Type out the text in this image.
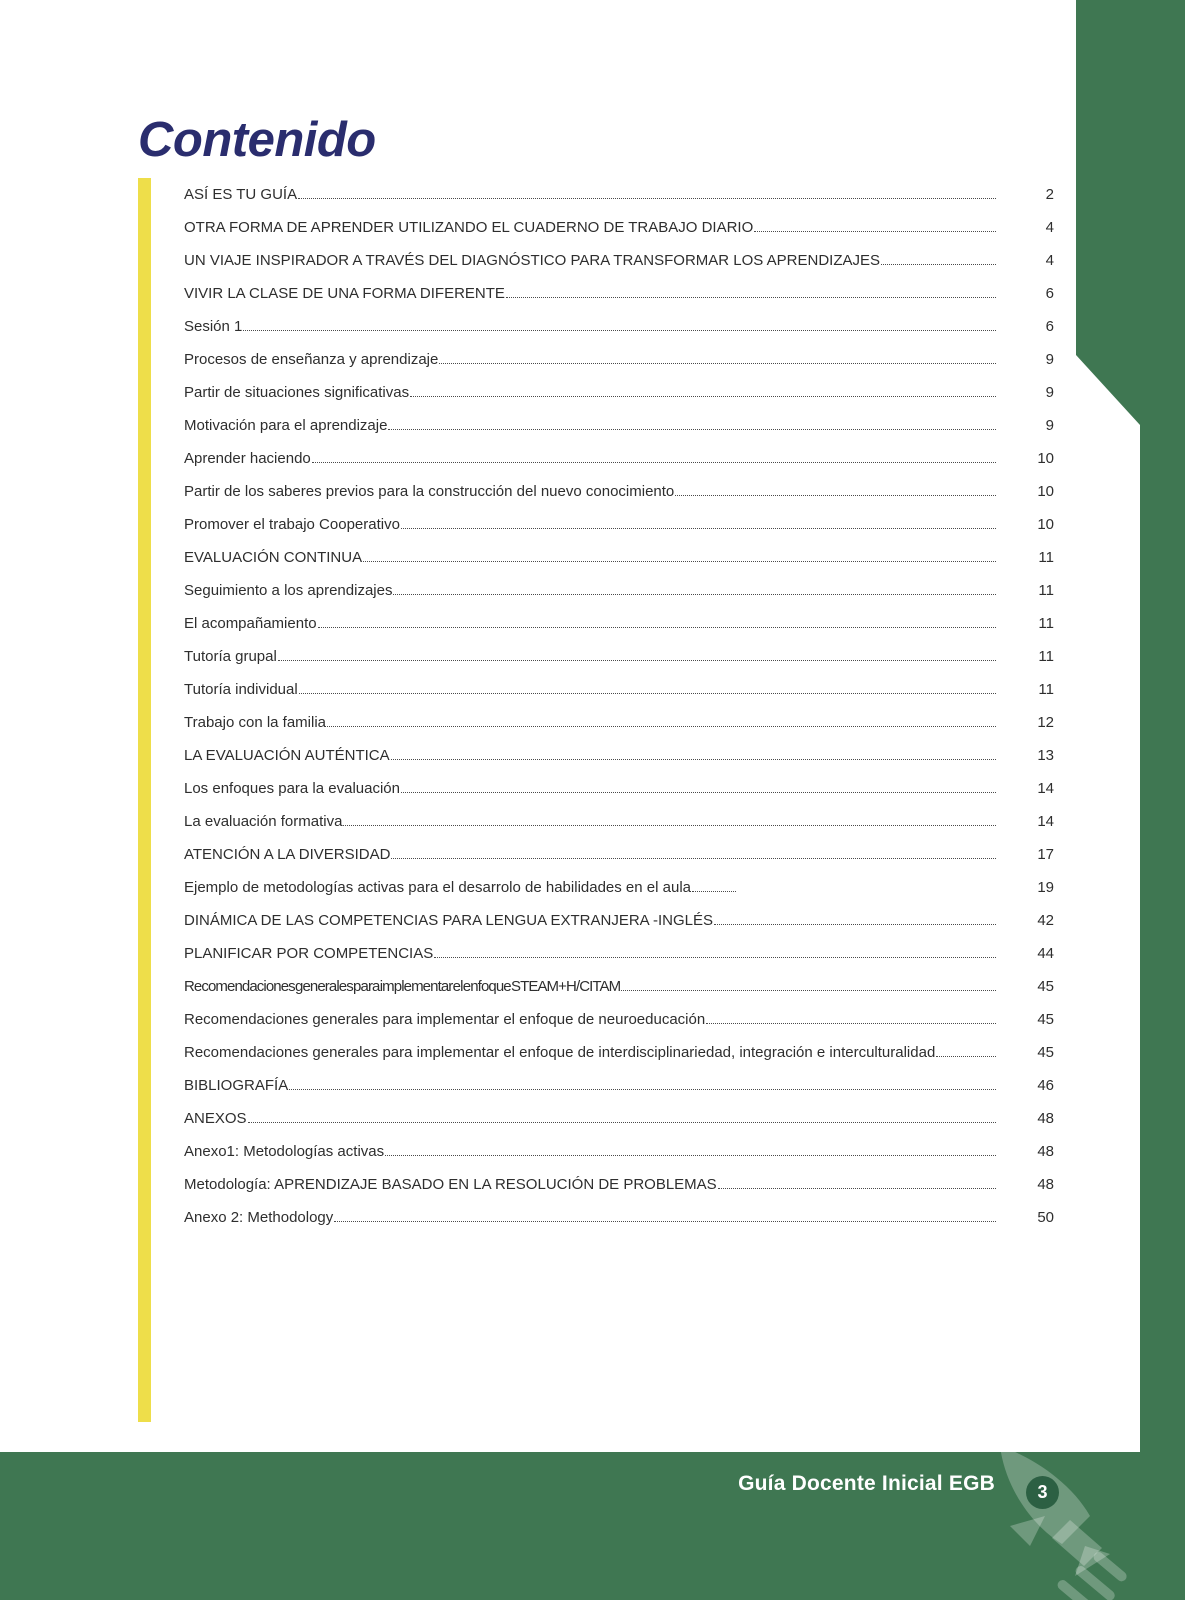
Contenido
ASÍ ES TU GUÍA	2
OTRA FORMA DE APRENDER UTILIZANDO EL CUADERNO DE TRABAJO DIARIO	4
UN VIAJE INSPIRADOR A TRAVÉS DEL DIAGNÓSTICO PARA TRANSFORMAR LOS APRENDIZAJES	4
VIVIR LA CLASE DE UNA FORMA DIFERENTE	6
Sesión 1	6
Procesos de enseñanza y aprendizaje	9
Partir de situaciones significativas	9
Motivación para el aprendizaje	9
Aprender haciendo	10
Partir de los saberes previos para la construcción del nuevo conocimiento	10
Promover el trabajo Cooperativo	10
EVALUACIÓN CONTINUA	11
Seguimiento a los aprendizajes	11
El acompañamiento	11
Tutoría grupal	11
Tutoría individual	11
Trabajo con la familia	12
LA EVALUACIÓN AUTÉNTICA	13
Los enfoques para la evaluación	14
La evaluación formativa	14
ATENCIÓN A LA DIVERSIDAD	17
Ejemplo de metodologías activas para el desarrolo de habilidades en el aula	19
DINÁMICA DE LAS COMPETENCIAS PARA LENGUA EXTRANJERA -INGLÉS	42
PLANIFICAR POR COMPETENCIAS	44
Recomendaciones generales para implementar el enfoque STEAM+H/CITAM	45
Recomendaciones generales para implementar el enfoque de neuroeducación	45
Recomendaciones generales para implementar el enfoque de interdisciplinariedad, integración e interculturalidad	45
BIBLIOGRAFÍA	46
ANEXOS	48
Anexo1: Metodologías activas	48
Metodología: APRENDIZAJE BASADO EN LA RESOLUCIÓN DE PROBLEMAS	48
Anexo 2: Methodology	50
Guía Docente Inicial EGB	3
